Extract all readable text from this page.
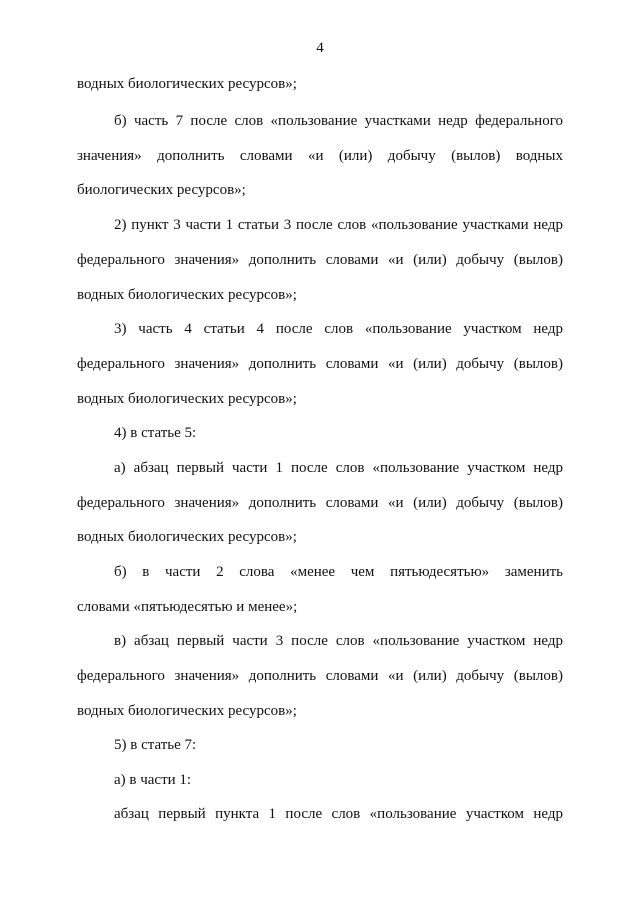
4
водных биологических ресурсов»;
б) часть 7 после слов «пользование участками недр федерального
значения» дополнить словами «и (или) добычу (вылов) водных
биологических ресурсов»;
2) пункт 3 части 1 статьи 3 после слов «пользование участками недр
федерального значения» дополнить словами «и (или) добычу (вылов)
водных биологических ресурсов»;
3) часть 4 статьи 4 после слов «пользование участком недр
федерального значения» дополнить словами «и (или) добычу (вылов)
водных биологических ресурсов»;
4) в статье 5:
а) абзац первый части 1 после слов «пользование участком недр
федерального значения» дополнить словами «и (или) добычу (вылов)
водных биологических ресурсов»;
б) в части 2 слова «менее чем пятьюдесятью» заменить
словами «пятьюдесятью и менее»;
в) абзац первый части 3 после слов «пользование участком недр
федерального значения» дополнить словами «и (или) добычу (вылов)
водных биологических ресурсов»;
5) в статье 7:
а) в части 1:
абзац первый пункта 1 после слов «пользование участком недр
